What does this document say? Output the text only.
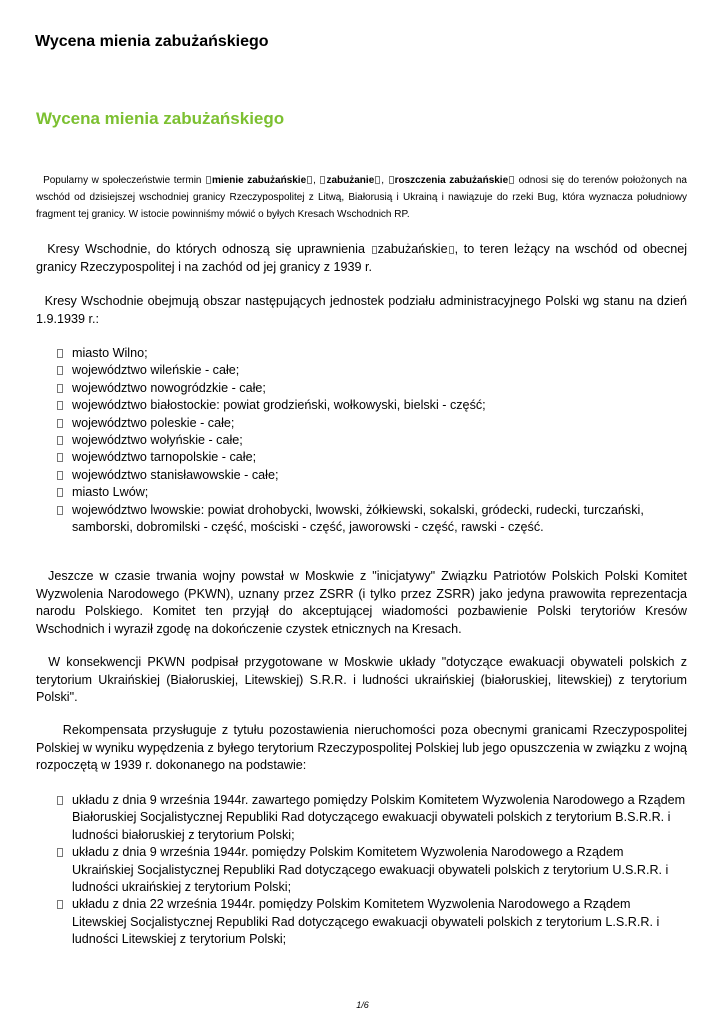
Wycena mienia zabużańskiego
Wycena mienia zabużańskiego

Popularny w społeczeństwie termin mienie zabużańskie , zabużanie , roszczenia zabużańskie odnosi się do terenów położonych na wschód od dzisiejszej wschodniej granicy Rzeczypospolitej z Litwą, Białorusią i Ukrainą i nawiązuje do rzeki Bug, która wyznacza południowy fragment tej granicy. W istocie powinniśmy mówić o byłych Kresach Wschodnich RP.

Kresy Wschodnie, do których odnoszą się uprawnienia zabużańskie , to teren leżący na wschód od obecnej granicy Rzeczypospolitej i na zachód od jej granicy z 1939 r.

Kresy Wschodnie obejmują obszar następujących jednostek podziału administracyjnego Polski wg stanu na dzień 1.9.1939 r.:

miasto Wilno;
województwo wileńskie - całe;
województwo nowogródzkie - całe;
województwo białostockie: powiat grodzieński, wołkowyski, bielski - część;
województwo poleskie - całe;
województwo wołyńskie - całe;
województwo tarnopolskie - całe;
województwo stanisławowskie - całe;
miasto Lwów;
województwo lwowskie: powiat drohobycki, lwowski, żółkiewski, sokalski, gródecki, rudecki, turczański, samborski, dobromilski - część, mościski - część, jaworowski - część, rawski - część.

Jeszcze w czasie trwania wojny powstał w Moskwie z "inicjatywy" Związku Patriotów Polskich Polski Komitet Wyzwolenia Narodowego (PKWN), uznany przez ZSRR (i tylko przez ZSRR) jako jedyna prawowita reprezentacja narodu Polskiego. Komitet ten przyjął do akceptującej wiadomości pozbawienie Polski terytoriów Kresów Wschodnich i wyraził zgodę na dokończenie czystek etnicznych na Kresach.

W konsekwencji PKWN podpisał przygotowane w Moskwie układy "dotyczące ewakuacji obywateli polskich z terytorium Ukraińskiej (Białoruskiej, Litewskiej) S.R.R. i ludności ukraińskiej (białoruskiej, litewskiej) z terytorium Polski".

Rekompensata przysługuje z tytułu pozostawienia nieruchomości poza obecnymi granicami Rzeczypospolitej Polskiej w wyniku wypędzenia z byłego terytorium Rzeczypospolitej Polskiej lub jego opuszczenia w związku z wojną rozpoczętą w 1939 r. dokonanego na podstawie:

układu z dnia 9 września 1944r. zawartego pomiędzy Polskim Komitetem Wyzwolenia Narodowego a Rządem Białoruskiej Socjalistycznej Republiki Rad dotyczącego ewakuacji obywateli polskich z terytorium B.S.R.R. i ludności białoruskiej z terytorium Polski;
układu z dnia 9 września 1944r. pomiędzy Polskim Komitetem Wyzwolenia Narodowego a Rządem Ukraińskiej Socjalistycznej Republiki Rad dotyczącego ewakuacji obywateli polskich z terytorium U.S.R.R. i ludności ukraińskiej z terytorium Polski;
układu z dnia 22 września 1944r. pomiędzy Polskim Komitetem Wyzwolenia Narodowego a Rządem Litewskiej Socjalistycznej Republiki Rad dotyczącego ewakuacji obywateli polskich z terytorium L.S.R.R. i ludności Litewskiej z terytorium Polski;
1/6
